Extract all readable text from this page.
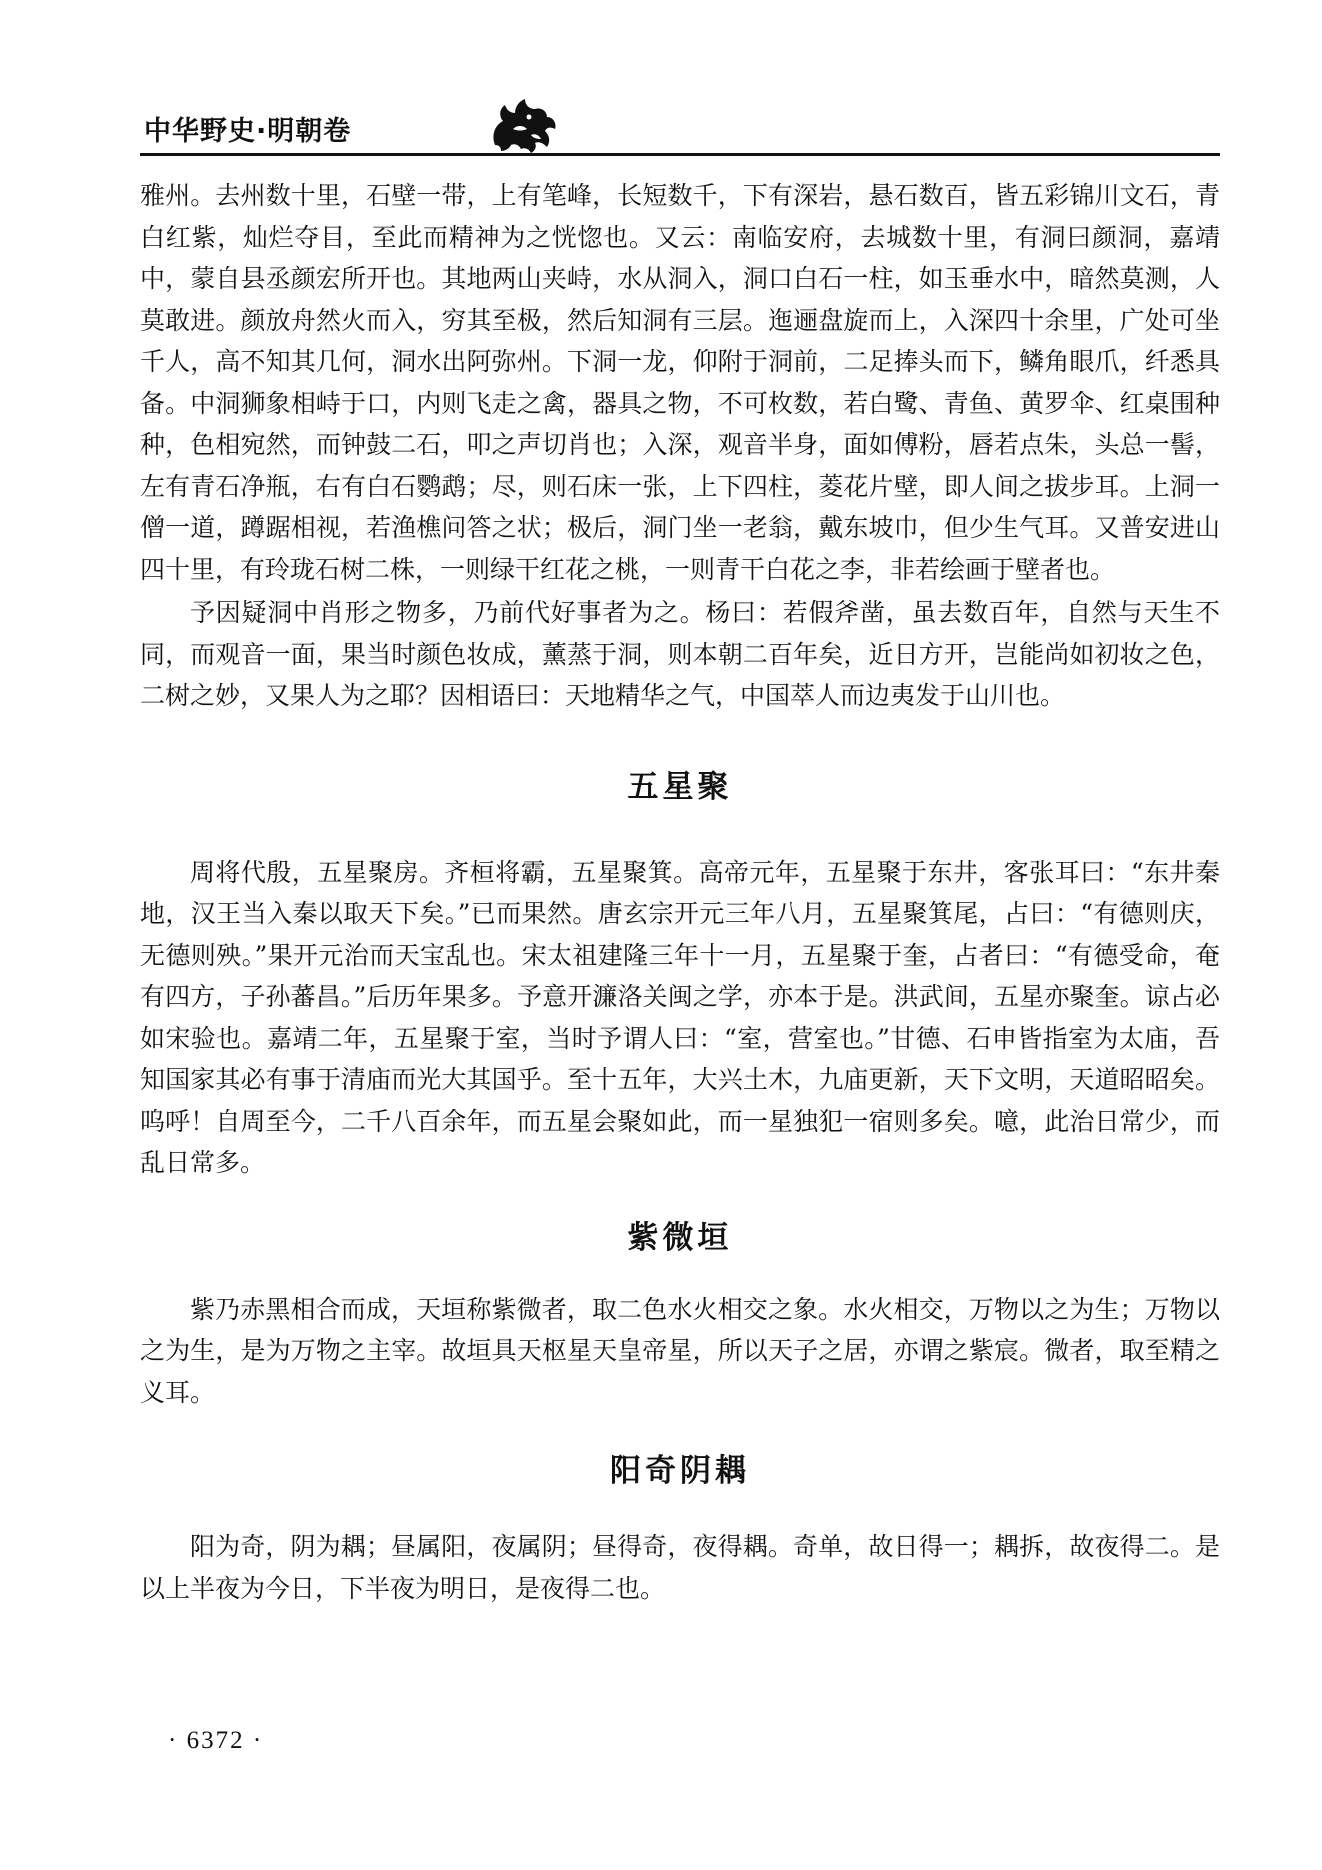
中华野史·明朝卷

雅州。去州数十里，石壁一带，上有笔峰，长短数千，下有深岩，悬石数百，皆五彩锦川文石，青白红紫，灿烂夺目，至此而精神为之恍惚也。又云：南临安府，去城数十里，有洞曰颜洞，嘉靖中，蒙自县丞颜宏所开也。其地两山夹峙，水从洞入，洞口白石一柱，如玉垂水中，暗然莫测，人莫敢进。颜放舟然火而入，穷其至极，然后知洞有三层。迤逦盘旋而上，入深四十余里，广处可坐千人，高不知其几何，洞水出阿弥州。下洞一龙，仰附于洞前，二足捧头而下，鳞角眼爪，纤悉具备。中洞狮象相峙于口，内则飞走之禽，器具之物，不可枚数，若白鹭、青鱼、黄罗伞、红桌围种种，色相宛然，而钟鼓二石，叩之声切肖也；入深，观音半身，面如傅粉，唇若点朱，头总一髻，左有青石净瓶，右有白石鹦鹉；尽，则石床一张，上下四柱，菱花片壁，即人间之拔步耳。上洞一僧一道，蹲踞相视，若渔樵问答之状；极后，洞门坐一老翁，戴东坡巾，但少生气耳。又普安进山四十里，有玲珑石树二株，一则绿干红花之桃，一则青干白花之李，非若绘画于壁者也。

予因疑洞中肖形之物多，乃前代好事者为之。杨曰：若假斧凿，虽去数百年，自然与天生不同，而观音一面，果当时颜色妆成，薰蒸于洞，则本朝二百年矣，近日方开，岂能尚如初妆之色，二树之妙，又果人为之耶？因相语曰：天地精华之气，中国萃人而边夷发于山川也。

五星聚

周将代殷，五星聚房。齐桓将霸，五星聚箕。高帝元年，五星聚于东井，客张耳曰：“东井秦地，汉王当入秦以取天下矣。”已而果然。唐玄宗开元三年八月，五星聚箕尾，占曰：“有德则庆，无德则殃。”果开元治而天宝乱也。宋太祖建隆三年十一月，五星聚于奎，占者曰：“有德受命，奄有四方，子孙蕃昌。”后历年果多。予意开濂洛关闽之学，亦本于是。洪武间，五星亦聚奎。谅占必如宋验也。嘉靖二年，五星聚于室，当时予谓人曰：“室，营室也。”甘德、石申皆指室为太庙，吾知国家其必有事于清庙而光大其国乎。至十五年，大兴土木，九庙更新，天下文明，天道昭昭矣。呜呼！自周至今，二千八百余年，而五星会聚如此，而一星独犯一宿则多矣。噫，此治日常少，而乱日常多。

紫微垣

紫乃赤黑相合而成，天垣称紫微者，取二色水火相交之象。水火相交，万物以之为生；万物以之为生，是为万物之主宰。故垣具天枢星天皇帝星，所以天子之居，亦谓之紫宸。微者，取至精之义耳。

阳奇阴耦

阳为奇，阴为耦；昼属阳，夜属阴；昼得奇，夜得耦。奇单，故日得一；耦拆，故夜得二。是以上半夜为今日，下半夜为明日，是夜得二也。

· 6372 ·
